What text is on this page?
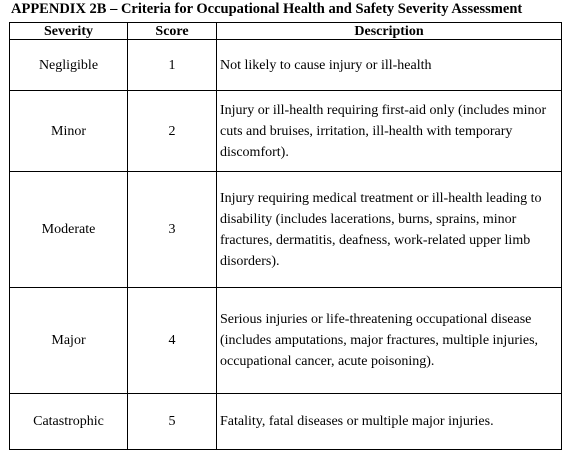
APPENDIX 2B – Criteria for Occupational Health and Safety Severity Assessment
Severity	Score	Description
Negligible	1	Not likely to cause injury or ill-health
Minor	2	Injury or ill-health requiring first-aid only (includes minor cuts and bruises, irritation, ill-health with temporary discomfort).
Moderate	3	Injury requiring medical treatment or ill-health leading to disability (includes lacerations, burns, sprains, minor fractures, dermatitis, deafness, work-related upper limb disorders).
Major	4	Serious injuries or life-threatening occupational disease (includes amputations, major fractures, multiple injuries, occupational cancer, acute poisoning).
Catastrophic	5	Fatality, fatal diseases or multiple major injuries.
